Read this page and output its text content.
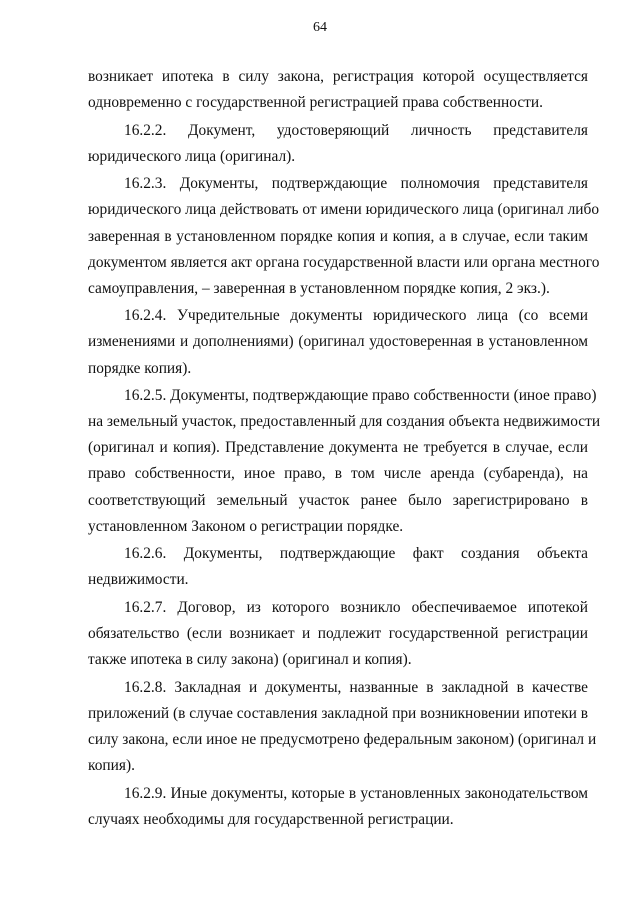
64
возникает ипотека в силу закона, регистрация которой осуществляется
одновременно с государственной регистрацией права собственности.
16.2.2. Документ, удостоверяющий личность представителя
юридического лица (оригинал).
16.2.3. Документы, подтверждающие полномочия представителя
юридического лица действовать от имени юридического лица (оригинал либо
заверенная в установленном порядке копия и копия, а в случае, если таким
документом является акт органа государственной власти или органа местного
самоуправления, – заверенная в установленном порядке копия, 2 экз.).
16.2.4. Учредительные документы юридического лица (со всеми
изменениями и дополнениями) (оригинал удостоверенная в установленном
порядке копия).
16.2.5. Документы, подтверждающие право собственности (иное право)
на земельный участок, предоставленный для создания объекта недвижимости
(оригинал и копия). Представление документа не требуется в случае, если
право собственности, иное право, в том числе аренда (субаренда), на
соответствующий земельный участок ранее было зарегистрировано в
установленном Законом о регистрации порядке.
16.2.6. Документы, подтверждающие факт создания объекта
недвижимости.
16.2.7. Договор, из которого возникло обеспечиваемое ипотекой
обязательство (если возникает и подлежит государственной регистрации
также ипотека в силу закона) (оригинал и копия).
16.2.8. Закладная и документы, названные в закладной в качестве
приложений (в случае составления закладной при возникновении ипотеки в
силу закона, если иное не предусмотрено федеральным законом) (оригинал и
копия).
16.2.9. Иные документы, которые в установленных законодательством
случаях необходимы для государственной регистрации.
